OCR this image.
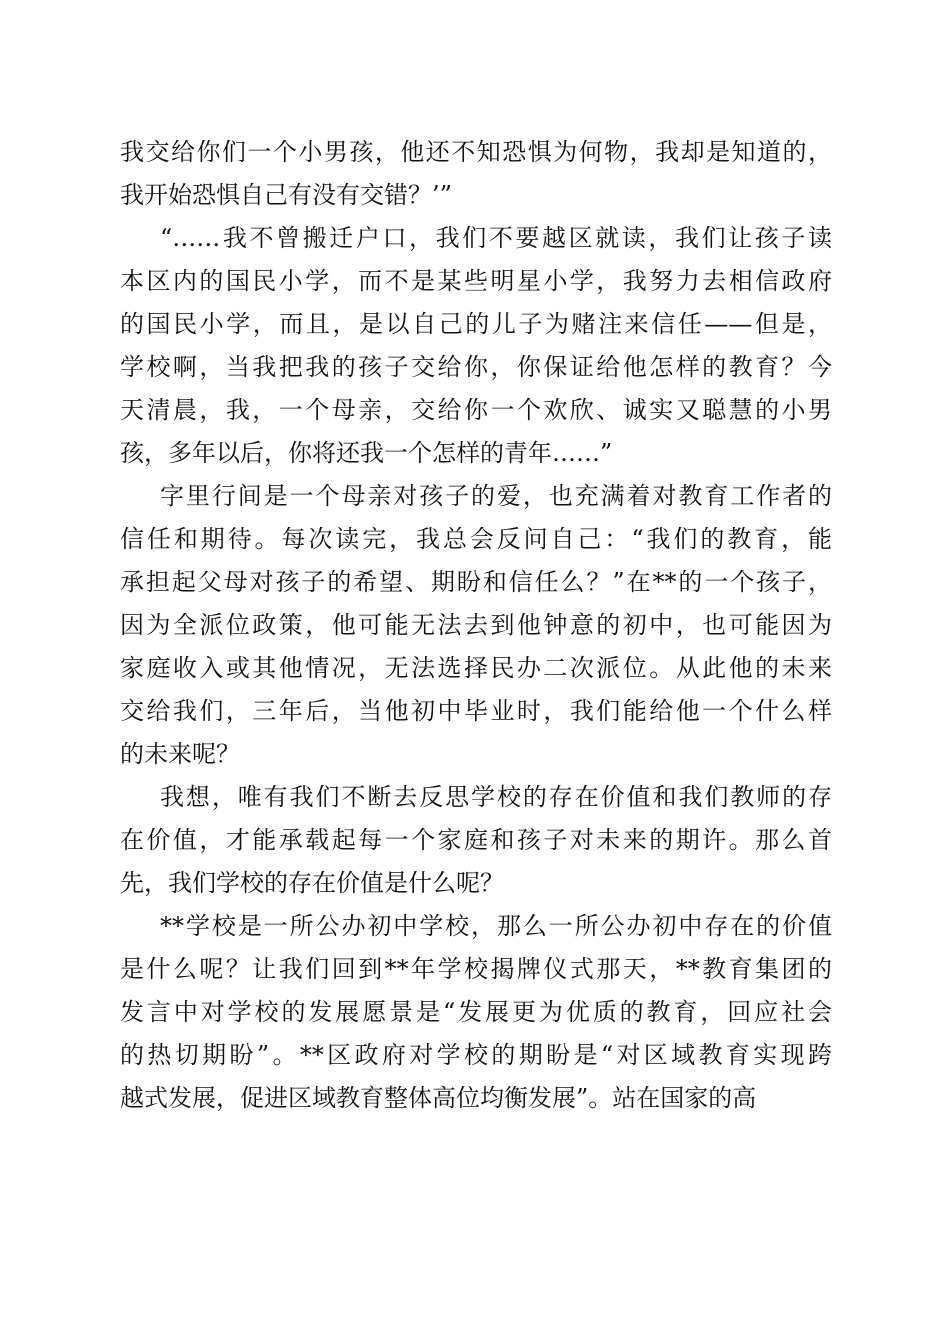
我交给你们一个小男孩，他还不知恐惧为何物，我却是知道的，
我开始恐惧自己有没有交错？’”
“……我不曾搬迁户口，我们不要越区就读，我们让孩子读
本区内的国民小学，而不是某些明星小学，我努力去相信政府
的国民小学，而且，是以自己的儿子为赌注来信任——但是，
学校啊，当我把我的孩子交给你，你保证给他怎样的教育？今
天清晨，我，一个母亲，交给你一个欢欣、诚实又聪慧的小男
孩，多年以后，你将还我一个怎样的青年……”
字里行间是一个母亲对孩子的爱，也充满着对教育工作者的
信任和期待。每次读完，我总会反问自己：“我们的教育，能
承担起父母对孩子的希望、期盼和信任么？”在**的一个孩子，
因为全派位政策，他可能无法去到他钟意的初中，也可能因为
家庭收入或其他情况，无法选择民办二次派位。从此他的未来
交给我们，三年后，当他初中毕业时，我们能给他一个什么样
的未来呢？
我想，唯有我们不断去反思学校的存在价值和我们教师的存
在价值，才能承载起每一个家庭和孩子对未来的期许。那么首
先，我们学校的存在价值是什么呢？
**学校是一所公办初中学校，那么一所公办初中存在的价值
是什么呢？让我们回到**年学校揭牌仪式那天，**教育集团的
发言中对学校的发展愿景是“发展更为优质的教育，回应社会
的热切期盼”。**区政府对学校的期盼是“对区域教育实现跨
越式发展，促进区域教育整体高位均衡发展”。站在国家的高
